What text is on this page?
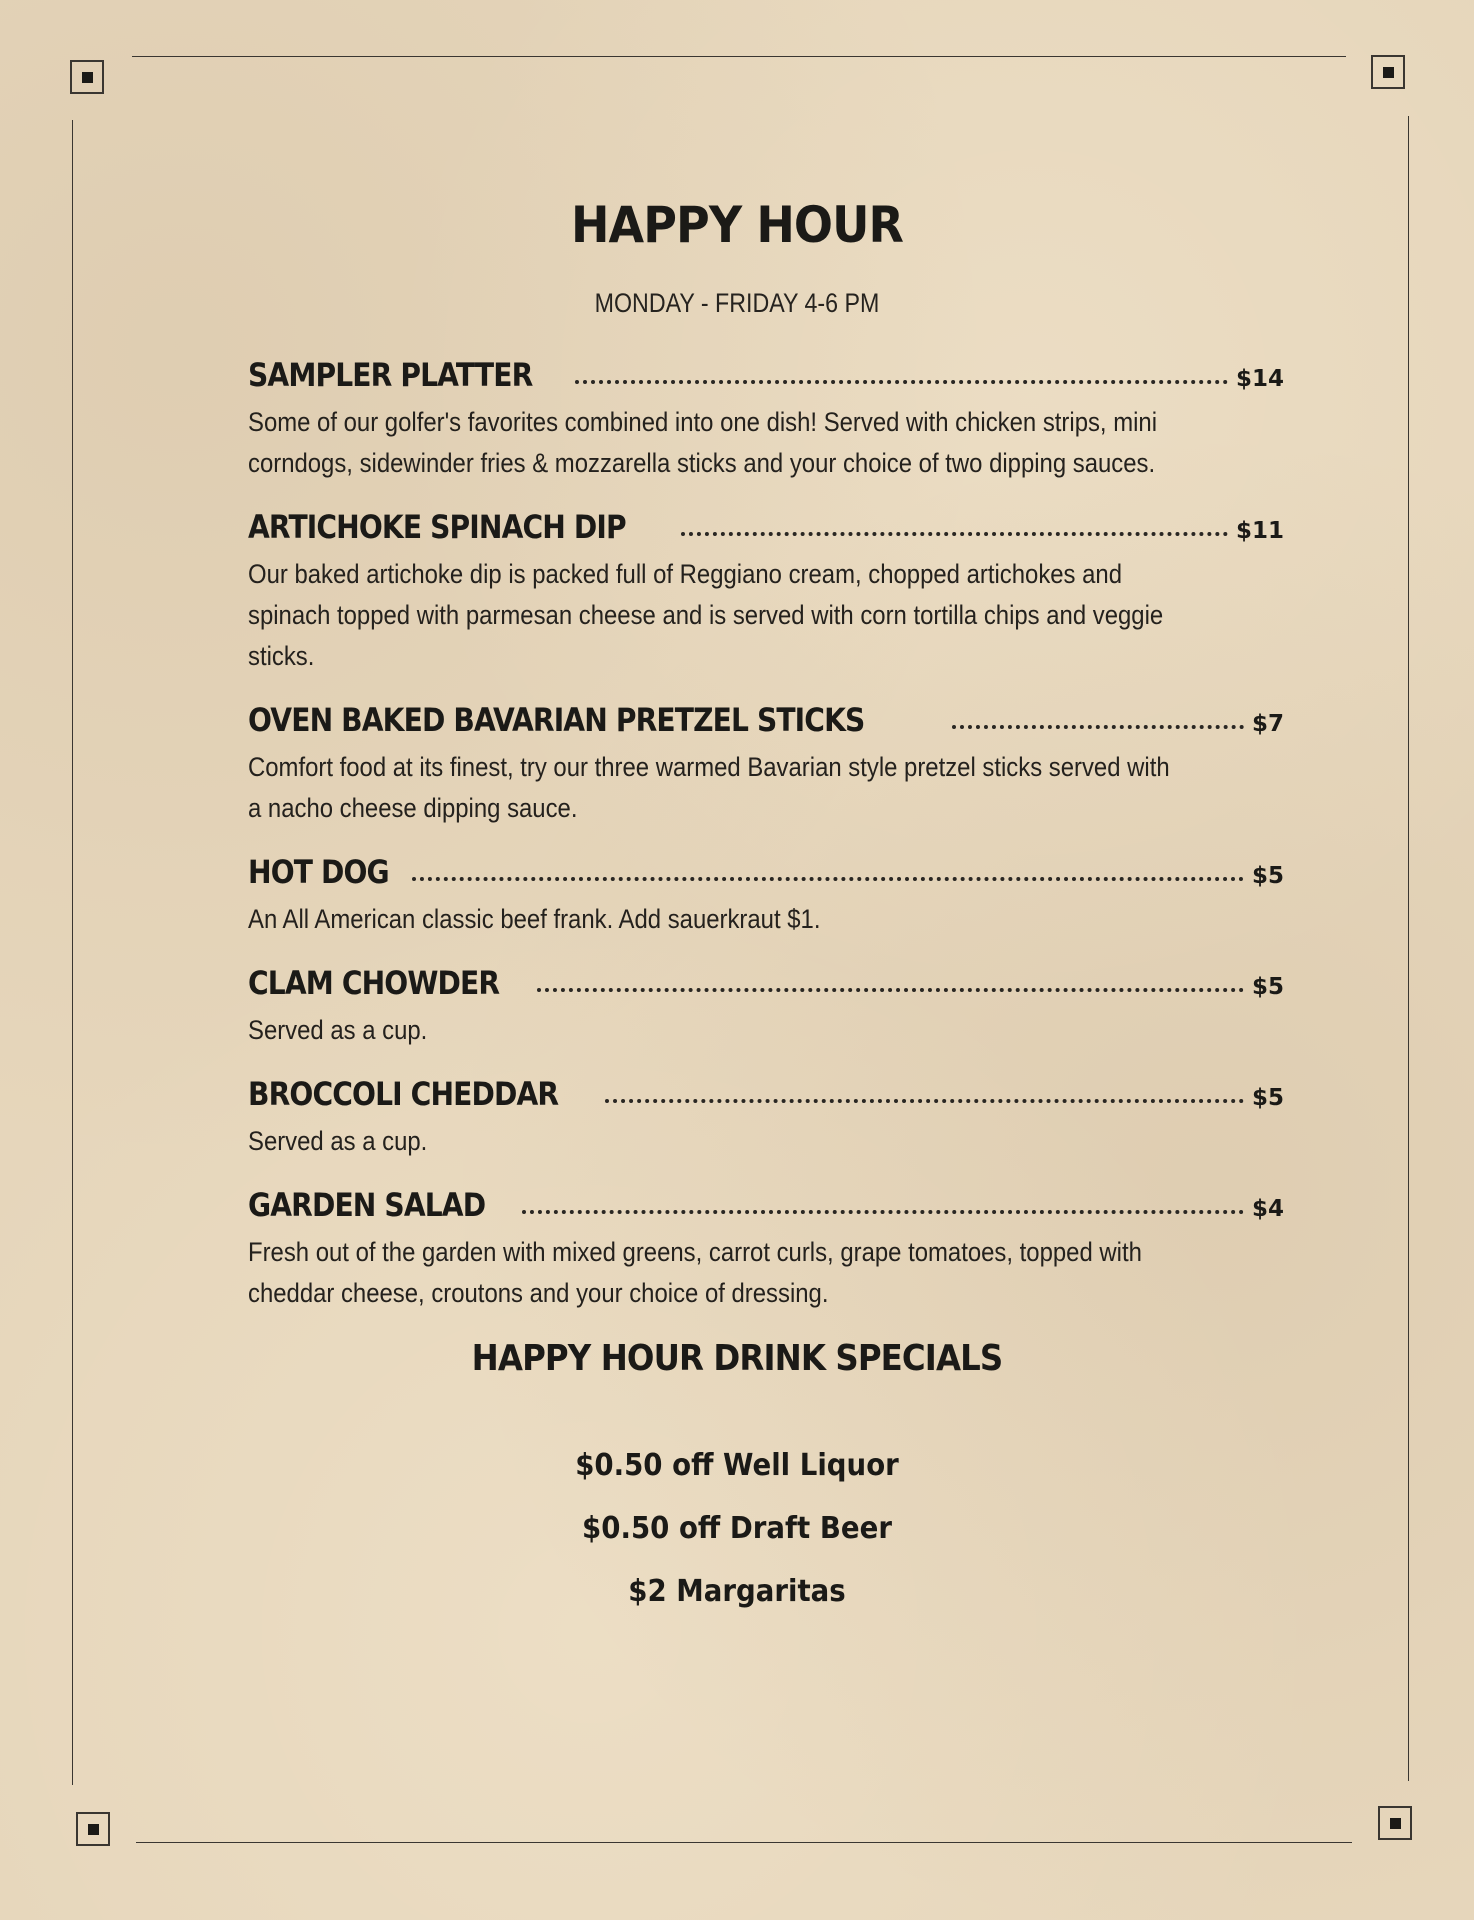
HAPPY HOUR
MONDAY - FRIDAY 4-6 PM
SAMPLER PLATTER	$14
Some of our golfer's favorites combined into one dish! Served with chicken strips, mini corndogs, sidewinder fries & mozzarella sticks and your choice of two dipping sauces.
ARTICHOKE SPINACH DIP	$11
Our baked artichoke dip is packed full of Reggiano cream, chopped artichokes and spinach topped with parmesan cheese and is served with corn tortilla chips and veggie sticks.
OVEN BAKED BAVARIAN PRETZEL STICKS	$7
Comfort food at its finest, try our three warmed Bavarian style pretzel sticks served with a nacho cheese dipping sauce.
HOT DOG	$5
An All American classic beef frank. Add sauerkraut $1.
CLAM CHOWDER	$5
Served as a cup.
BROCCOLI CHEDDAR	$5
Served as a cup.
GARDEN SALAD	$4
Fresh out of the garden with mixed greens, carrot curls, grape tomatoes, topped with cheddar cheese, croutons and your choice of dressing.
HAPPY HOUR DRINK SPECIALS
$0.50 off Well Liquor
$0.50 off Draft Beer
$2 Margaritas
